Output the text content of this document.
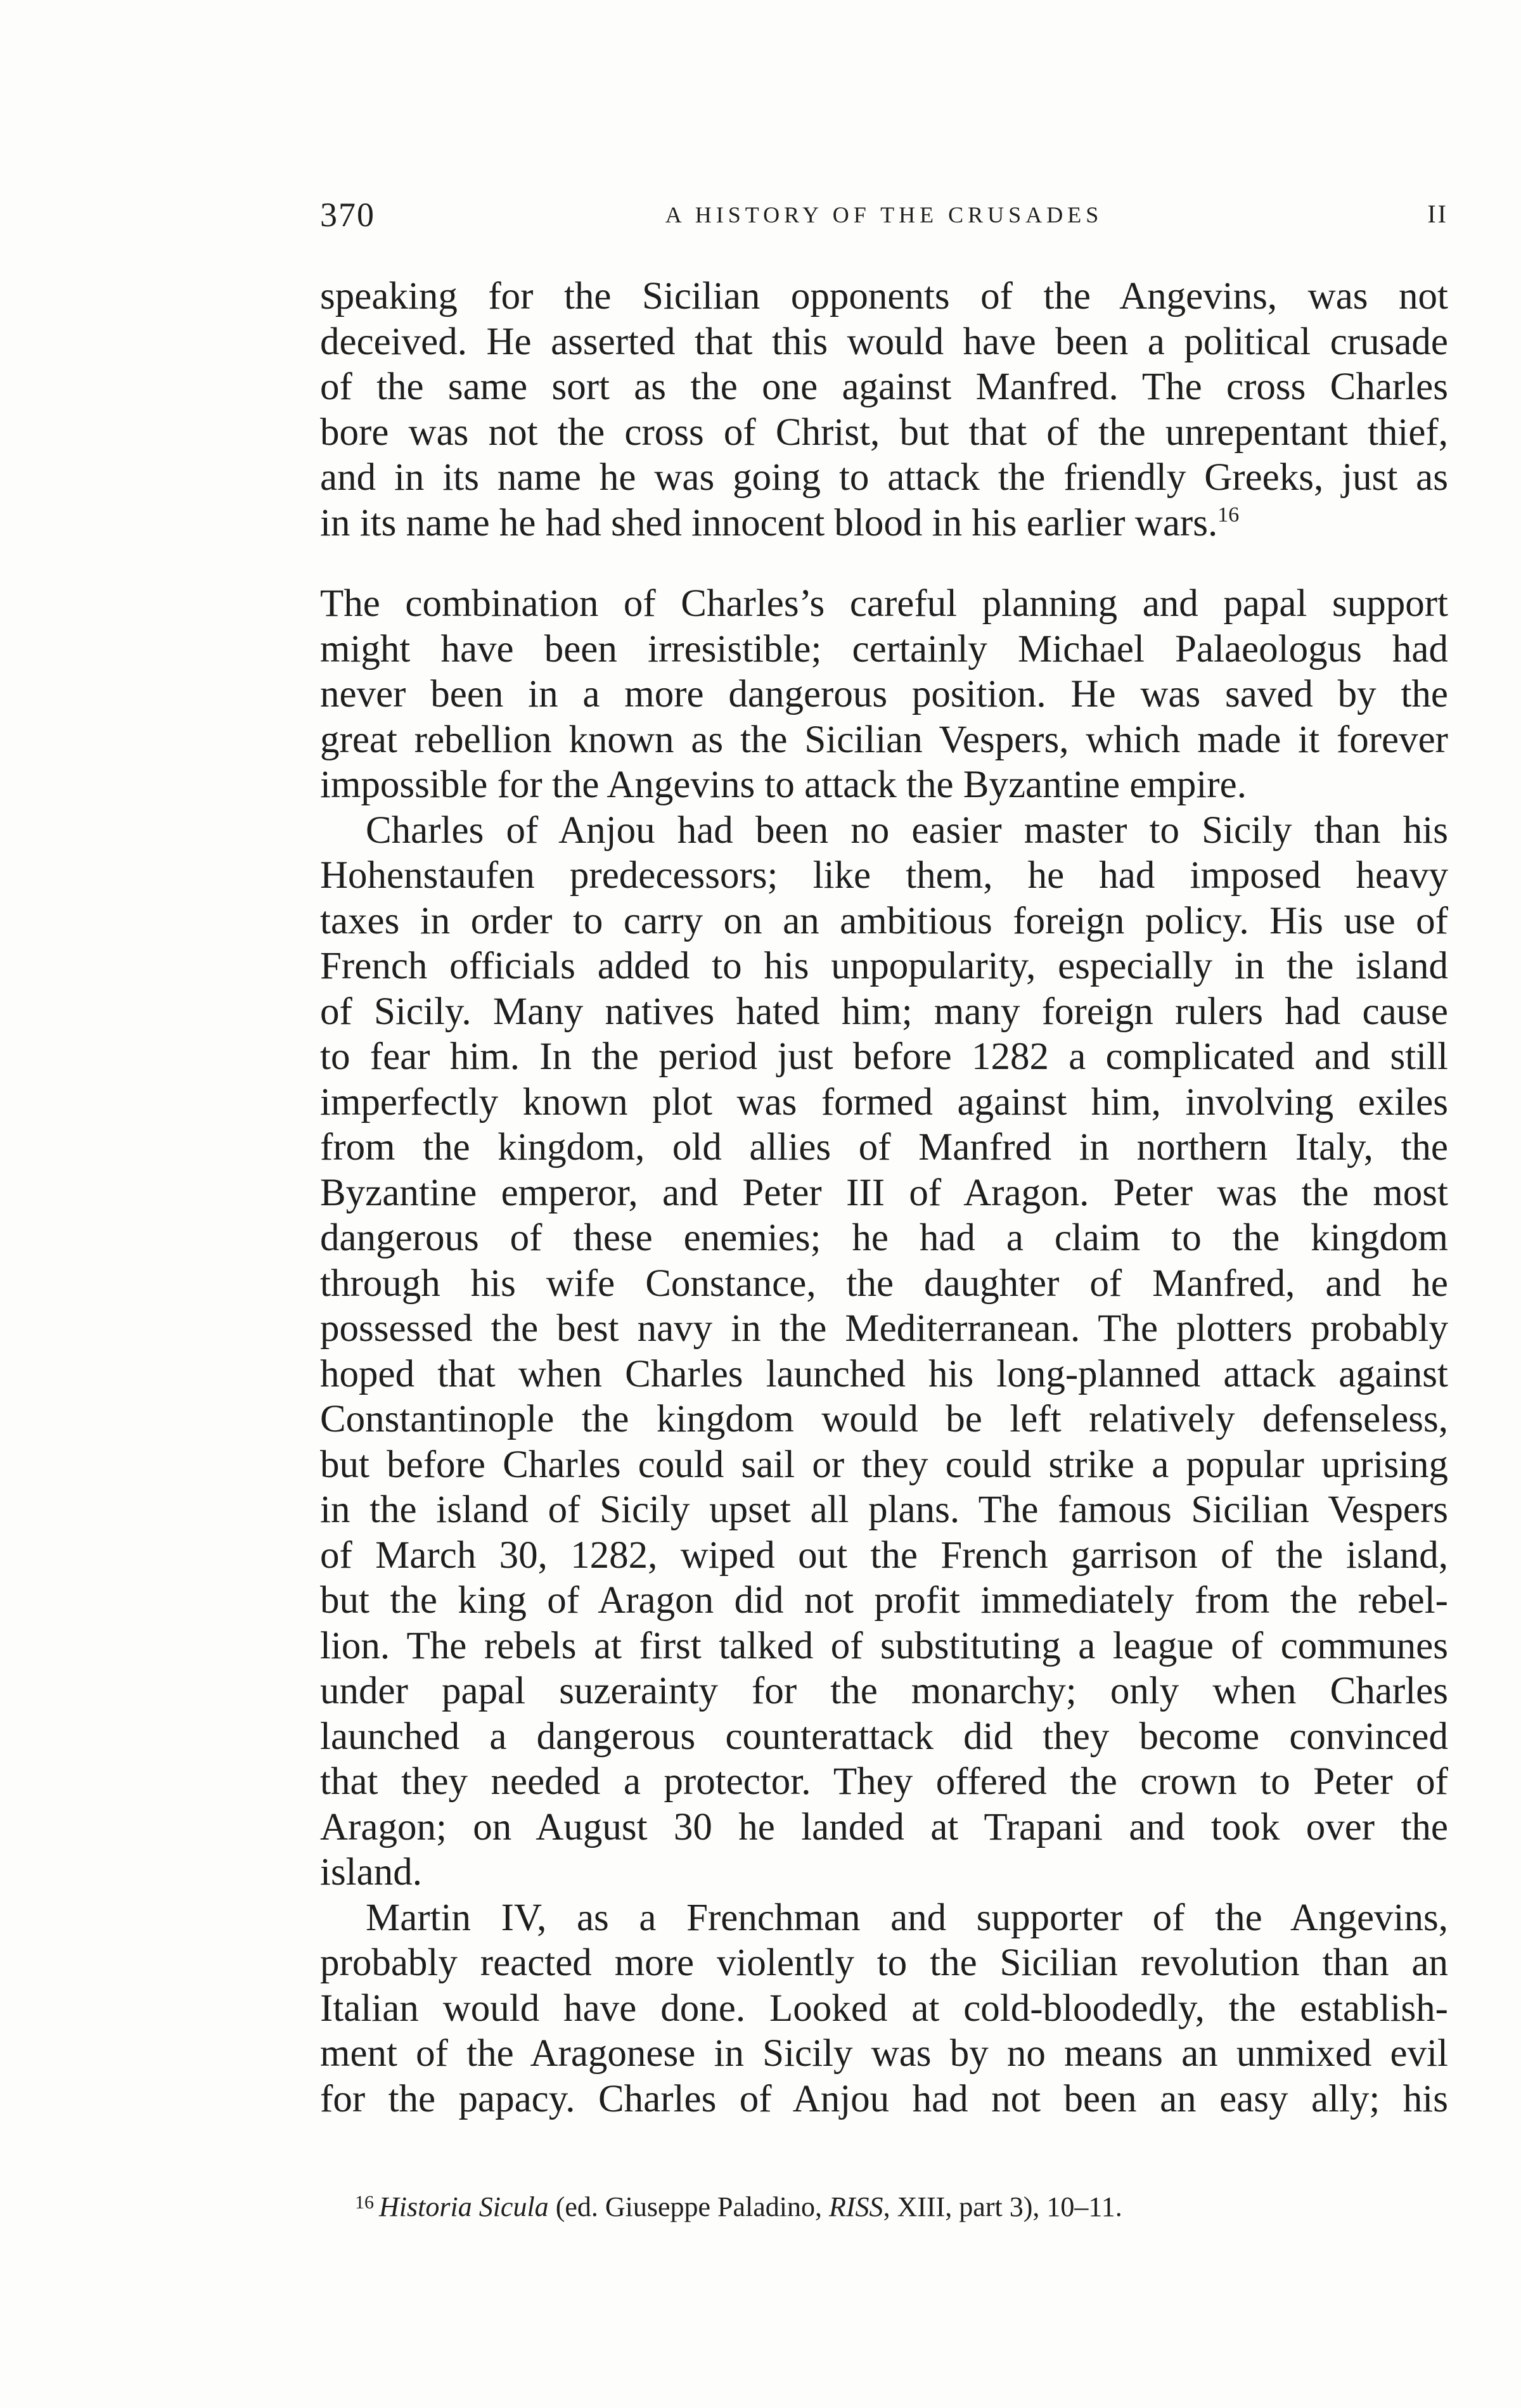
370	A HISTORY OF THE CRUSADES	II
speaking for the Sicilian opponents of the Angevins, was not
deceived. He asserted that this would have been a political crusade
of the same sort as the one against Manfred. The cross Charles
bore was not the cross of Christ, but that of the unrepentant thief,
and in its name he was going to attack the friendly Greeks, just as
in its name he had shed innocent blood in his earlier wars.$^{16}$
The combination of Charles’s careful planning and papal support
might have been irresistible; certainly Michael Palaeologus had
never been in a more dangerous position. He was saved by the
great rebellion known as the Sicilian Vespers, which made it forever
impossible for the Angevins to attack the Byzantine empire.
Charles of Anjou had been no easier master to Sicily than his
Hohenstaufen predecessors; like them, he had imposed heavy
taxes in order to carry on an ambitious foreign policy. His use of
French officials added to his unpopularity, especially in the island
of Sicily. Many natives hated him; many foreign rulers had cause
to fear him. In the period just before 1282 a complicated and still
imperfectly known plot was formed against him, involving exiles
from the kingdom, old allies of Manfred in northern Italy, the
Byzantine emperor, and Peter III of Aragon. Peter was the most
dangerous of these enemies; he had a claim to the kingdom
through his wife Constance, the daughter of Manfred, and he
possessed the best navy in the Mediterranean. The plotters probably
hoped that when Charles launched his long-planned attack against
Constantinople the kingdom would be left relatively defenseless,
but before Charles could sail or they could strike a popular uprising
in the island of Sicily upset all plans. The famous Sicilian Vespers
of March 30, 1282, wiped out the French garrison of the island,
but the king of Aragon did not profit immediately from the rebel-
lion. The rebels at first talked of substituting a league of communes
under papal suzerainty for the monarchy; only when Charles
launched a dangerous counterattack did they become convinced
that they needed a protector. They offered the crown to Peter of
Aragon; on August 30 he landed at Trapani and took over the
island.
Martin IV, as a Frenchman and supporter of the Angevins,
probably reacted more violently to the Sicilian revolution than an
Italian would have done. Looked at cold-bloodedly, the establish-
ment of the Aragonese in Sicily was by no means an unmixed evil
for the papacy. Charles of Anjou had not been an easy ally; his
$^{16}$ Historia Sicula (ed. Giuseppe Paladino, RISS, XIII, part 3), 10–11.
